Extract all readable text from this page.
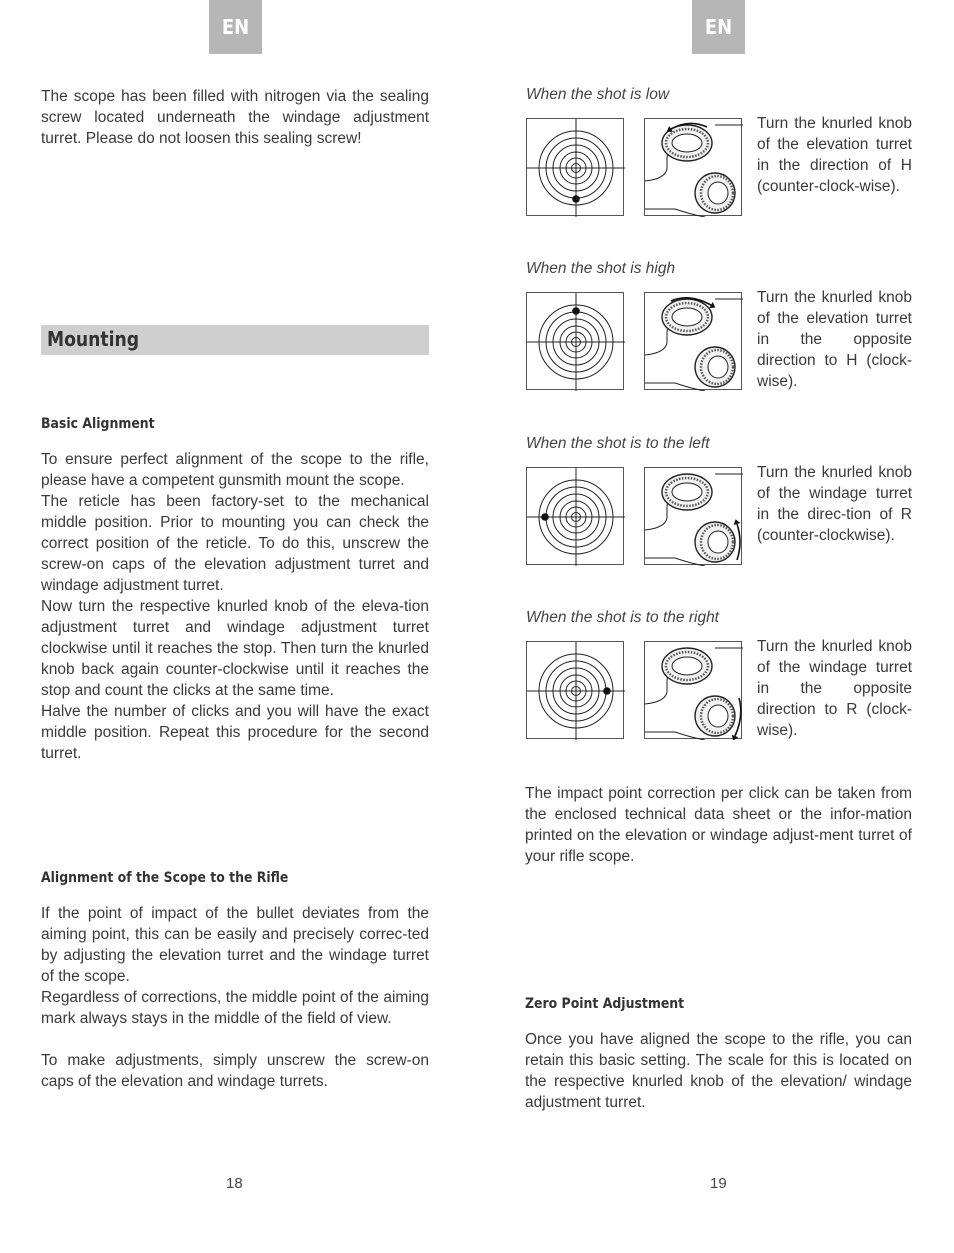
EN

The scope has been filled with nitrogen via the sealing screw located underneath the windage adjustment turret. Please do not loosen this sealing screw!

Mounting
Basic Alignment

To ensure perfect alignment of the scope to the rifle, please have a competent gunsmith mount the scope.

The reticle has been factory-set to the mechanical middle position. Prior to mounting you can check the correct position of the reticle. To do this, unscrew the screw-on caps of the elevation adjustment turret and windage adjustment turret.

Now turn the respective knurled knob of the eleva-tion adjustment turret and windage adjustment turret clockwise until it reaches the stop. Then turn the knurled knob back again counter-clockwise until it reaches the stop and count the clicks at the same time.

Halve the number of clicks and you will have the exact middle position. Repeat this procedure for the second turret.

Alignment of the Scope to the Rifle

If the point of impact of the bullet deviates from the aiming point, this can be easily and precisely correc-ted by adjusting the elevation turret and the windage turret of the scope.

Regardless of corrections, the middle point of the aiming mark always stays in the middle of the field of view.

To make adjustments, simply unscrew the screw-on caps of the elevation and windage turrets.

18
EN
When the shot is low
Turn the knurled knob of the elevation turret in the direction of H (counter-clock-wise).
When the shot is high
Turn the knurled knob of the elevation turret in the opposite direction to H (clock-wise).
When the shot is to the left
Turn the knurled knob of the windage turret in the direc-tion of R (counter-clockwise).
When the shot is to the right
Turn the knurled knob of the windage turret in the opposite direction to R (clock-wise).
The impact point correction per click can be taken from the enclosed technical data sheet or the infor-mation printed on the elevation or windage adjust-ment turret of your rifle scope.
Zero Point Adjustment
Once you have aligned the scope to the rifle, you can retain this basic setting. The scale for this is located on the respective knurled knob of the elevation/ windage adjustment turret.
19
